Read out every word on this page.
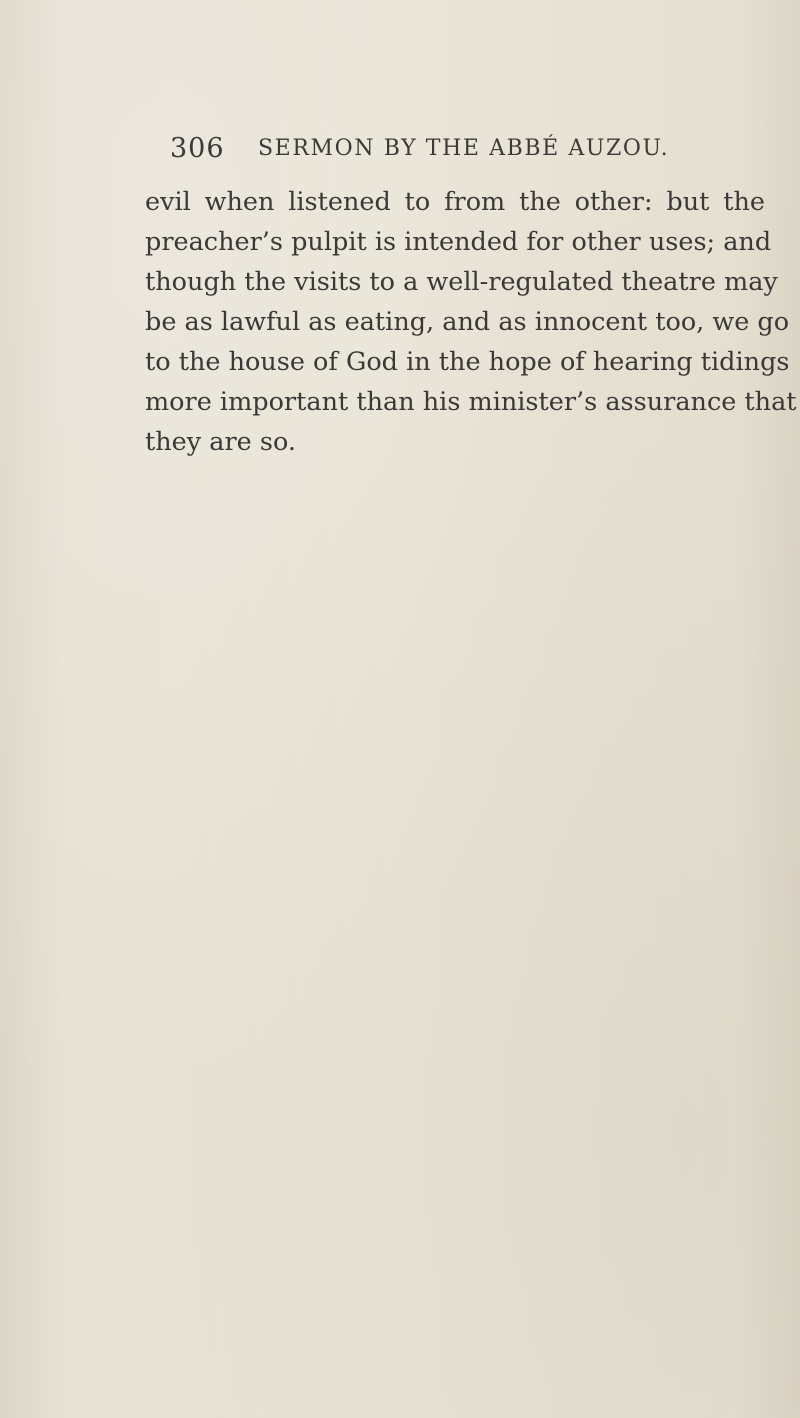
306 SERMON BY THE ABBÉ AUZOU.
evil when listened to from the other: but the
preacher’s pulpit is intended for other uses; and
though the visits to a well-regulated theatre may
be as lawful as eating, and as innocent too, we go
to the house of God in the hope of hearing tidings
more important than his minister’s assurance that
they are so.
